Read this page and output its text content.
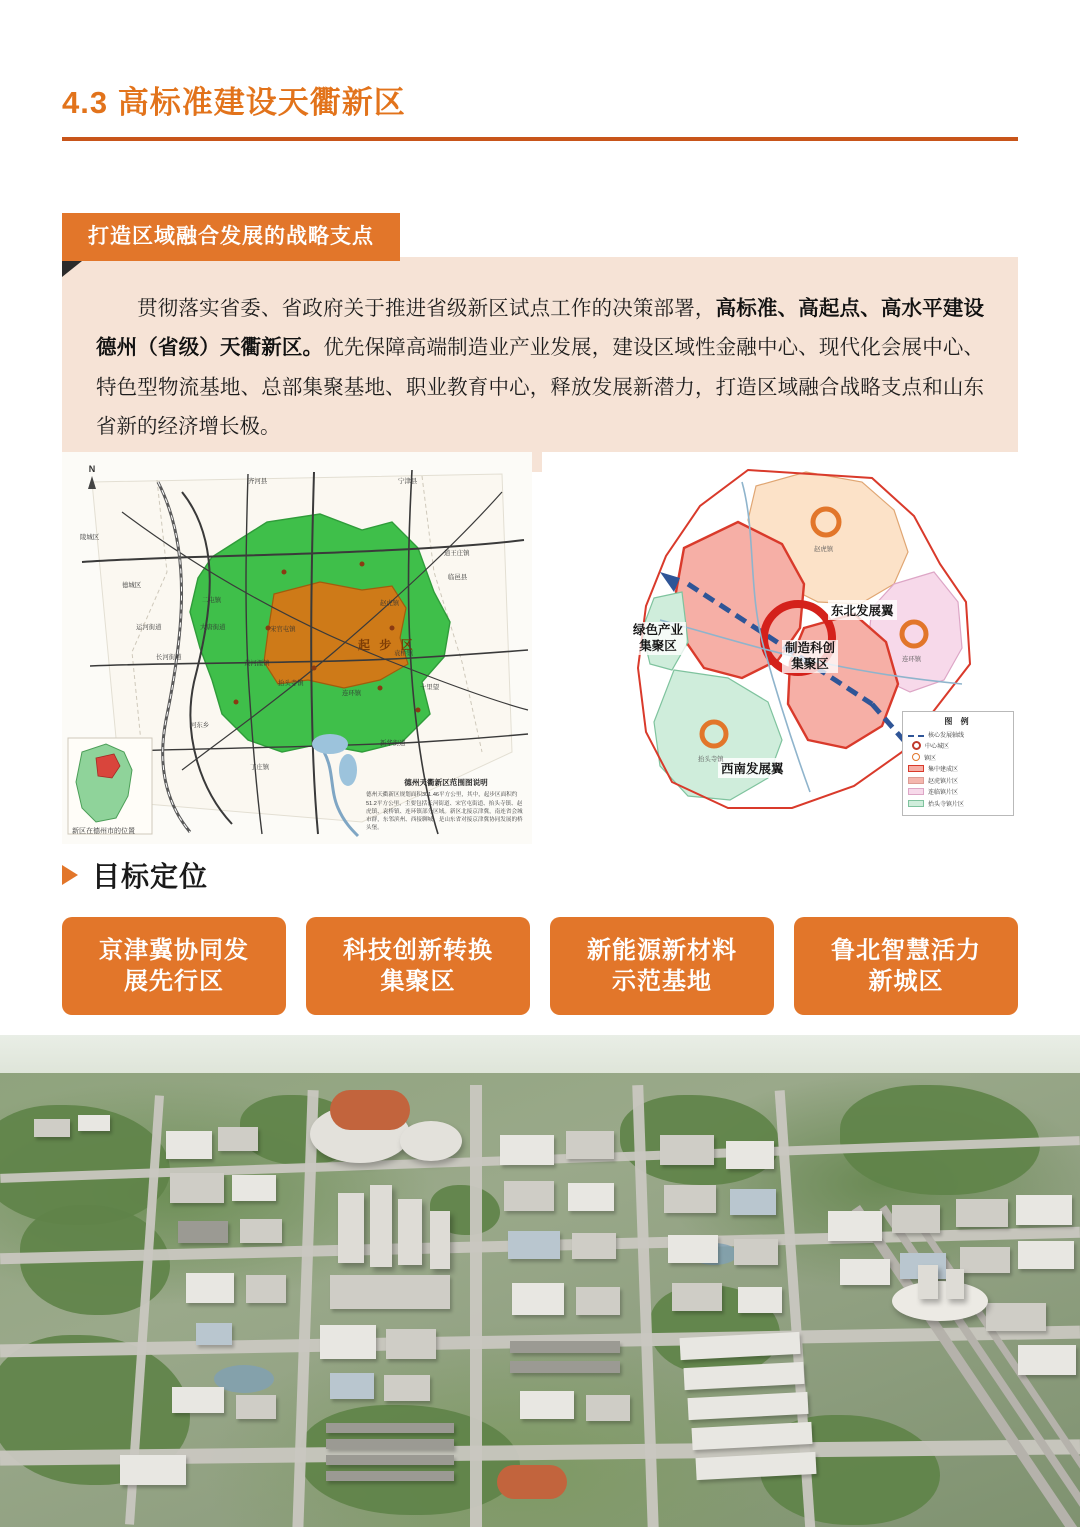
4.3 高标准建设天衢新区
打造区域融合发展的战略支点

贯彻落实省委、省政府关于推进省级新区试点工作的决策部署，高标准、高起点、高水平建设德州（省级）天衢新区。优先保障高端制造业产业发展，建设区域性金融中心、现代化会展中心、特色型物流基地、总部集聚基地、职业教育中心，释放发展新潜力，打造区域融合战略支点和山东省新的经济增长极。

N
起 步 区
二屯镇
大唐街道	宋官屯镇
黄河涯镇
赵虎镇
袁桥镇
抬头寺镇
连环镇
长河街道
运河街道
德城区
陵城区
宁津县
临邑县
齐河县
丁庄镇
十里望
道王庄镇
河东乡
新华街道
德州天衢新区范围图说明
德州天衢新区规划面积301.46平方公里，其中，起步区面积约51.2平方公里，主要包括长河街道、宋官屯街道、抬头寺镇、赵虎镇、袁桥镇、连环镇部分区域。新区北接京津冀，南连省会城市群，东邻滨州、西接聊城，是山东省对接京津冀协同发展的桥头堡。
新区在德州市的位置
东北发展翼
西南发展翼
绿色产业
集聚区	制造科创
集聚区
赵虎镇
连环镇
抬头寺镇
图 例
核心发展轴线
中心城区
镇区
集中建成区
赵虎镇片区
连临镇片区
抬头寺镇片区
目标定位
京津冀协同发
展先行区
科技创新转换
集聚区
新能源新材料
示范基地
鲁北智慧活力
新城区
